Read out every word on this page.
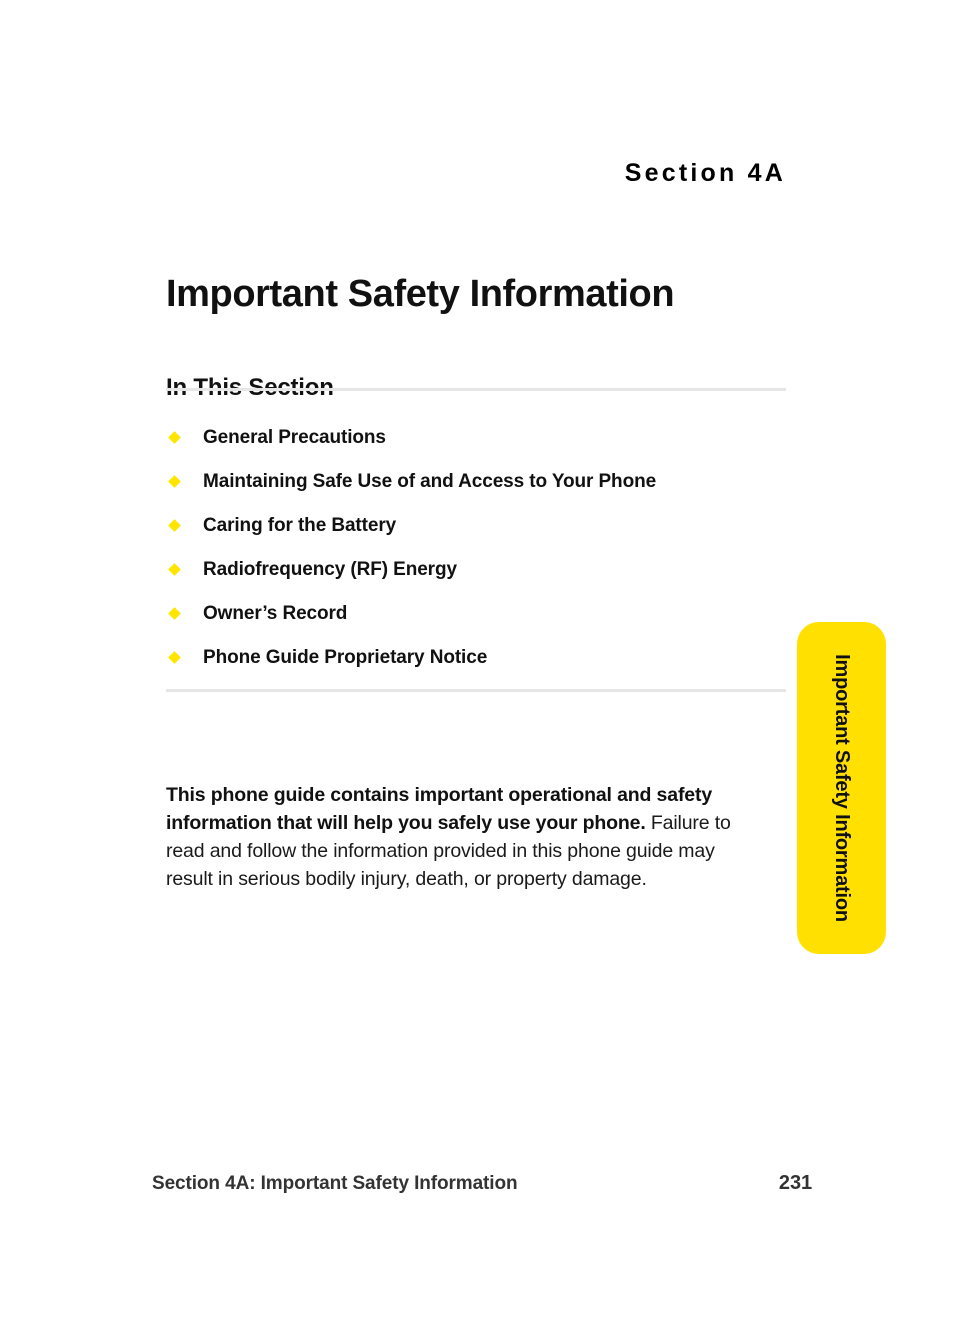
Section 4A
Important Safety Information
General Precautions
Maintaining Safe Use of and Access to Your Phone
Caring for the Battery
Radiofrequency (RF) Energy
Owner’s Record
Phone Guide Proprietary Notice

This phone guide contains important operational and safety information that will help you safely use your phone. Failure to read and follow the information provided in this phone guide may result in serious bodily injury, death, or property damage.	Important Safety Information
Section 4A: Important Safety Information	231
